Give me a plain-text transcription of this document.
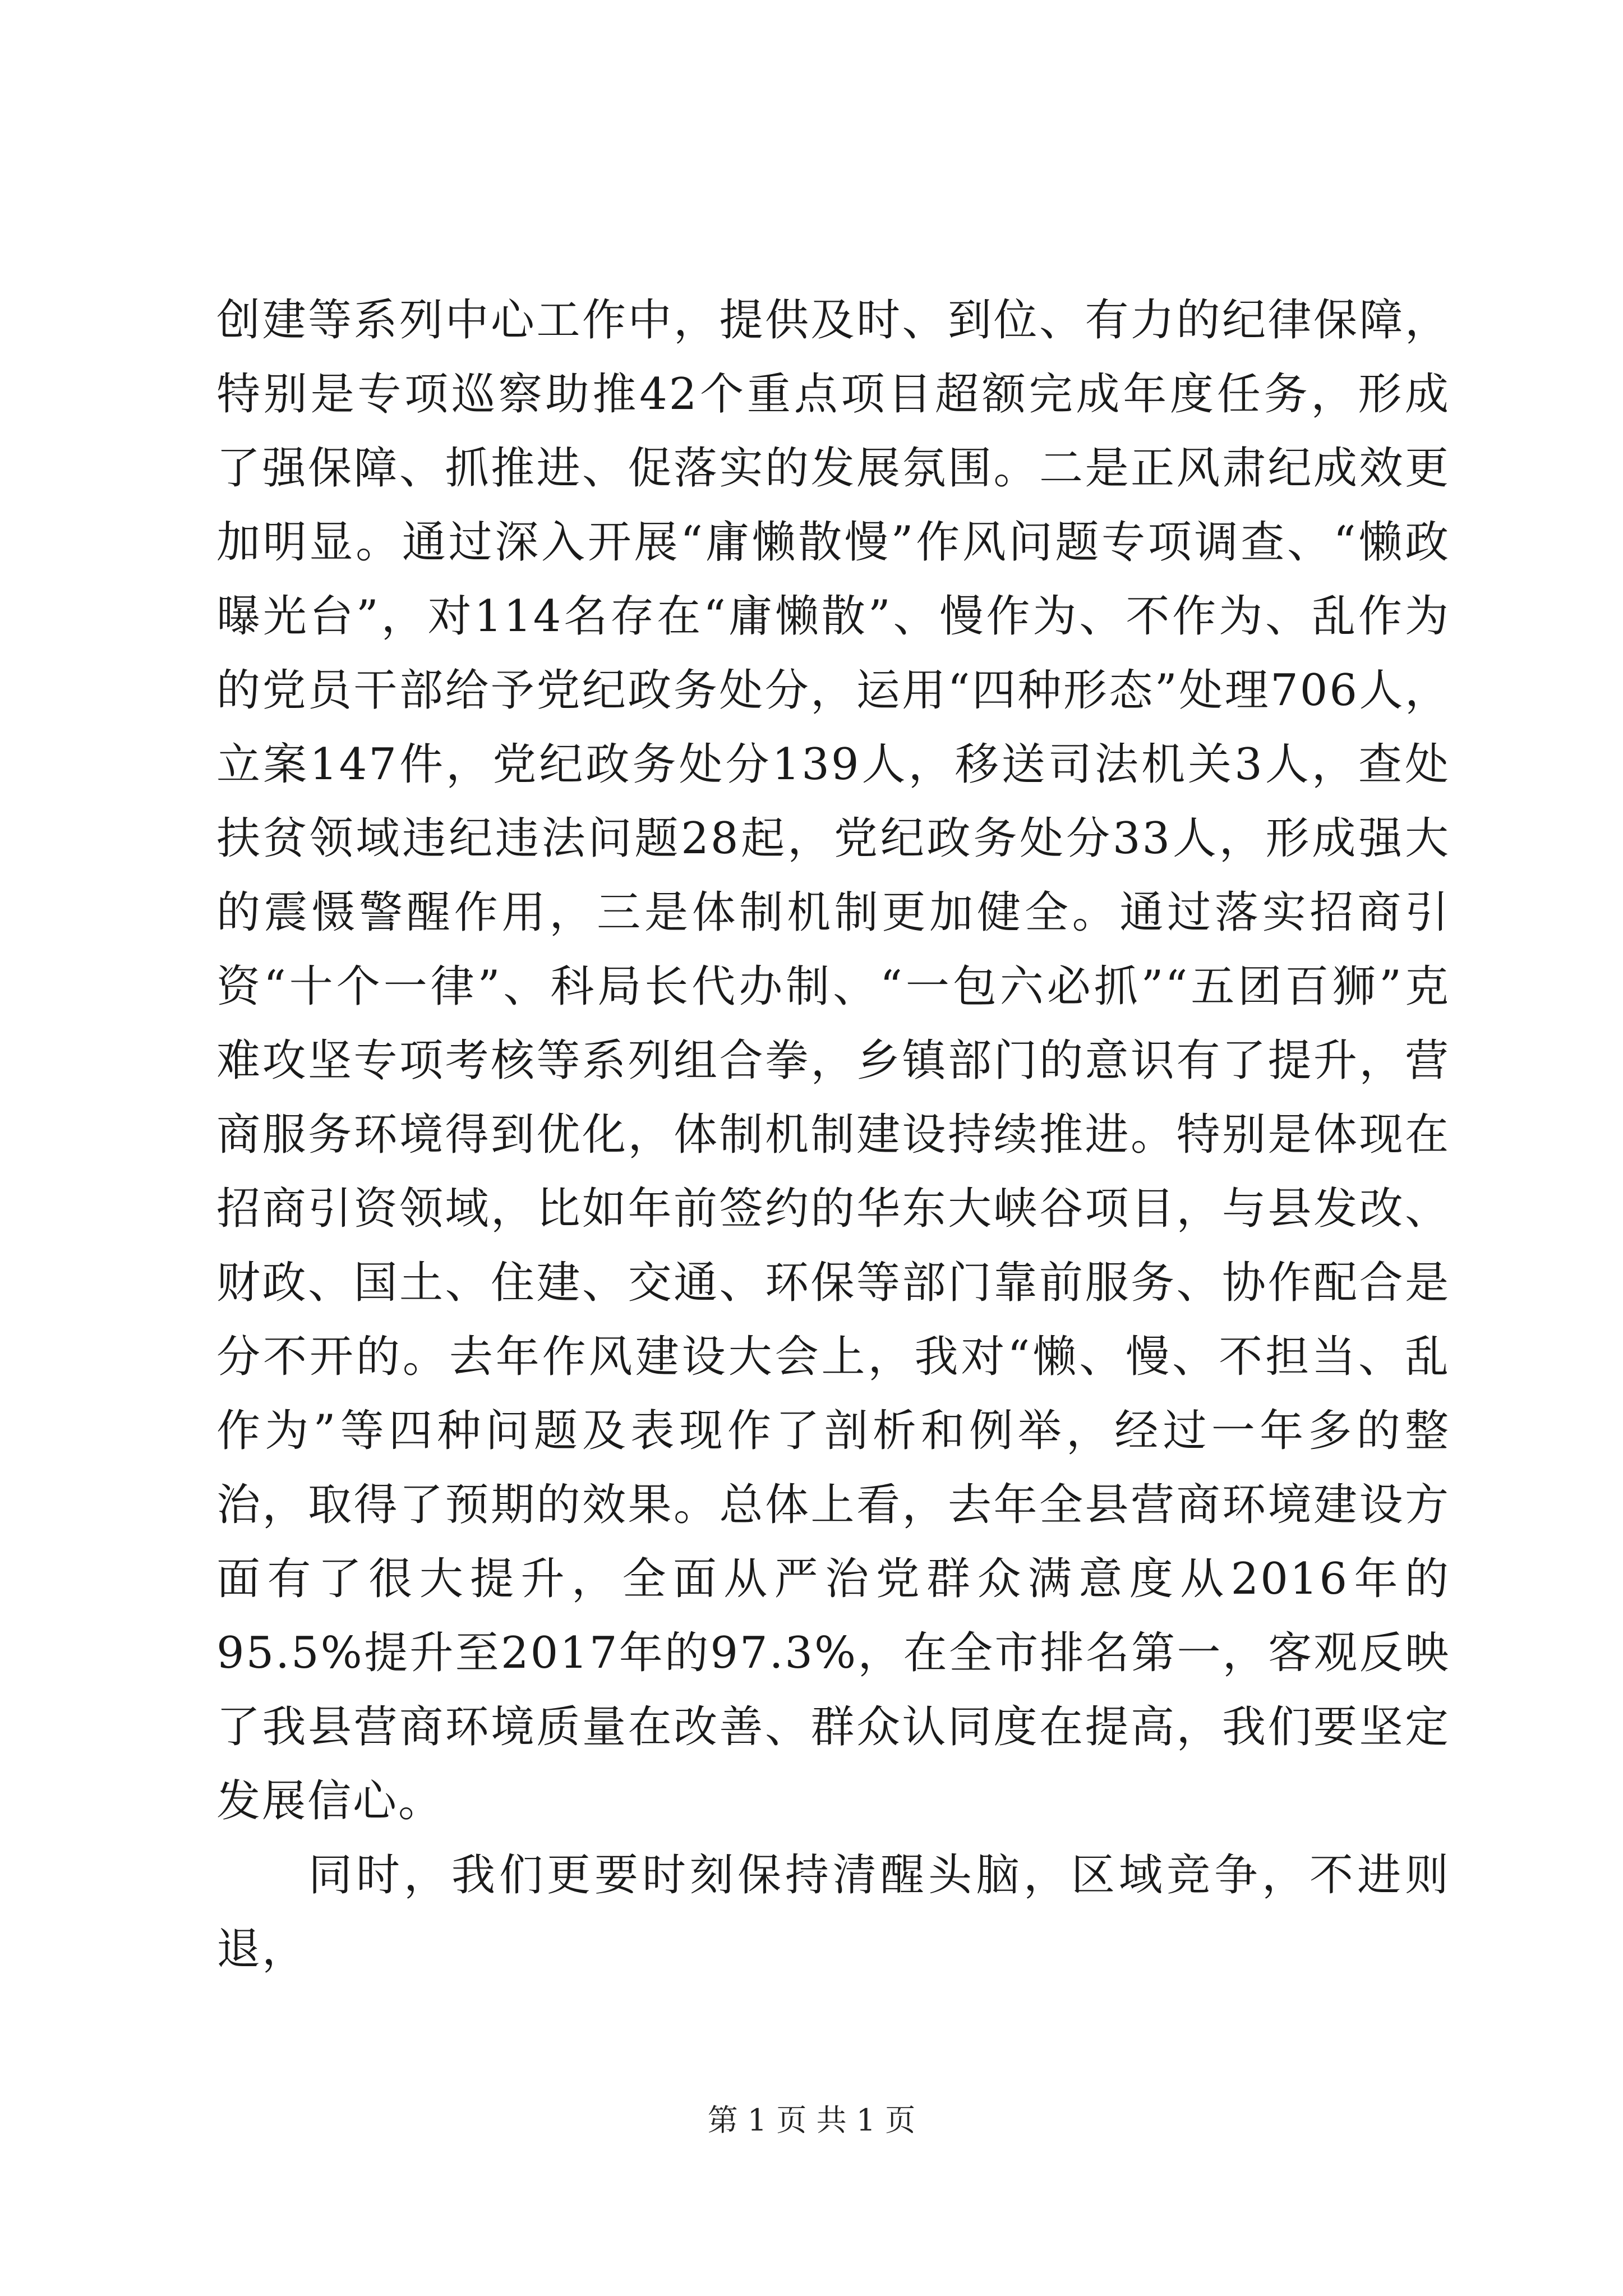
创建等系列中心工作中，提供及时、到位、有力的纪律保障，特别是专项巡察助推42个重点项目超额完成年度任务，形成了强保障、抓推进、促落实的发展氛围。二是正风肃纪成效更加明显。通过深入开展“庸懒散慢”作风问题专项调查、“懒政曝光台”，对114名存在“庸懒散”、慢作为、不作为、乱作为的党员干部给予党纪政务处分，运用“四种形态”处理706人，立案147件，党纪政务处分139人，移送司法机关3人，查处扶贫领域违纪违法问题28起，党纪政务处分33人，形成强大的震慑警醒作用，三是体制机制更加健全。通过落实招商引资“十个一律”、科局长代办制、“一包六必抓”“五团百狮”克难攻坚专项考核等系列组合拳，乡镇部门的意识有了提升，营商服务环境得到优化，体制机制建设持续推进。特别是体现在招商引资领域，比如年前签约的华东大峡谷项目，与县发改、财政、国土、住建、交通、环保等部门靠前服务、协作配合是分不开的。去年作风建设大会上，我对“懒、慢、不担当、乱作为”等四种问题及表现作了剖析和例举，经过一年多的整治，取得了预期的效果。总体上看，去年全县营商环境建设方面有了很大提升，全面从严治党群众满意度从2016年的95.5%提升至2017年的97.3%，在全市排名第一，客观反映了我县营商环境质量在改善、群众认同度在提高，我们要坚定发展信心。

同时，我们更要时刻保持清醒头脑，区域竞争，不进则退，

第 1 页 共 1 页
